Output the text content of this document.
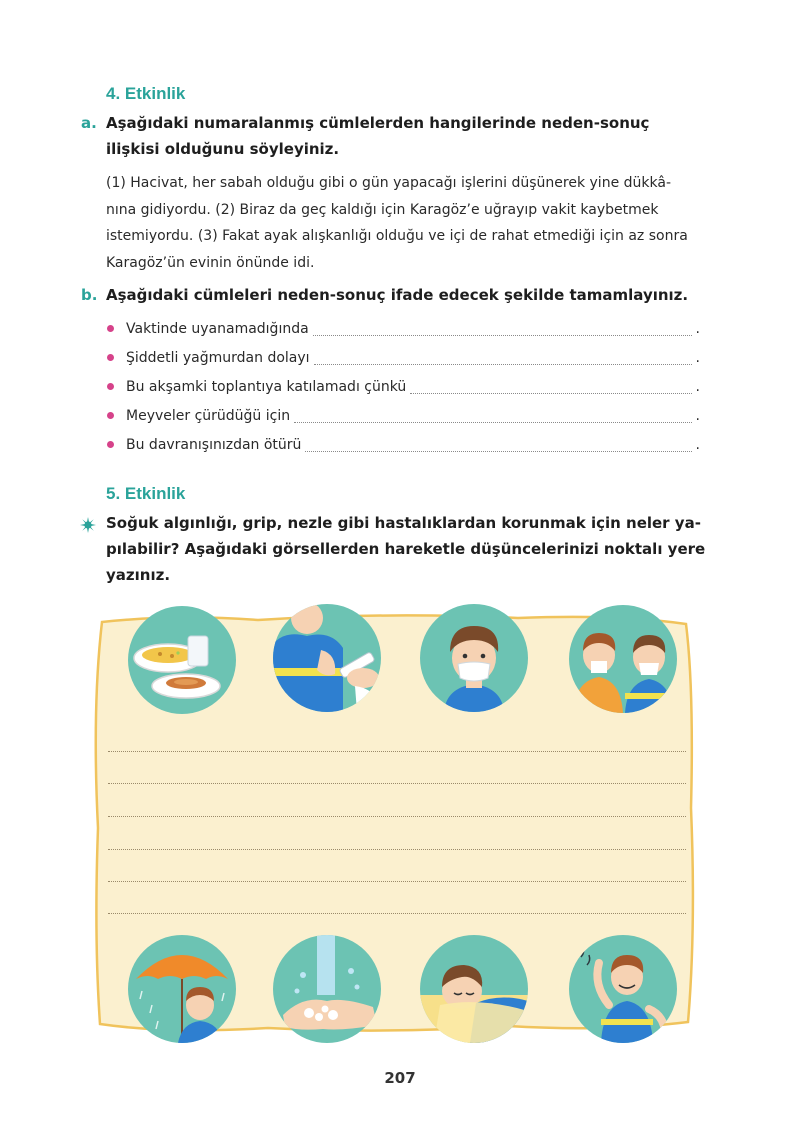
4. Etkinlik
a. Aşağıdaki numaralanmış cümlelerden hangilerinde neden-sonuç ilişkisi olduğunu söyleyiniz.
(1) Hacivat, her sabah olduğu gibi o gün yapacağı işlerini düşünerek yine dükkâ-
nına gidiyordu. (2) Biraz da geç kaldığı için Karagöz’e uğrayıp vakit kaybetmek
istemiyordu. (3) Fakat ayak alışkanlığı olduğu ve içi de rahat etmediği için az sonra
Karagöz’ün evinin önünde idi.
b. Aşağıdaki cümleleri neden-sonuç ifade edecek şekilde tamamlayınız.
Vaktinde uyanamadığında	.
Şiddetli yağmurdan dolayı	.
Bu akşamki toplantıya katılamadı çünkü	.
Meyveler çürüdüğü için	.
Bu davranışınızdan ötürü	.
5. Etkinlik
Soğuk algınlığı, grip, nezle gibi hastalıklardan korunmak için neler ya-
pılabilir? Aşağıdaki görsellerden hareketle düşüncelerinizi noktalı yere
yazınız.
207
